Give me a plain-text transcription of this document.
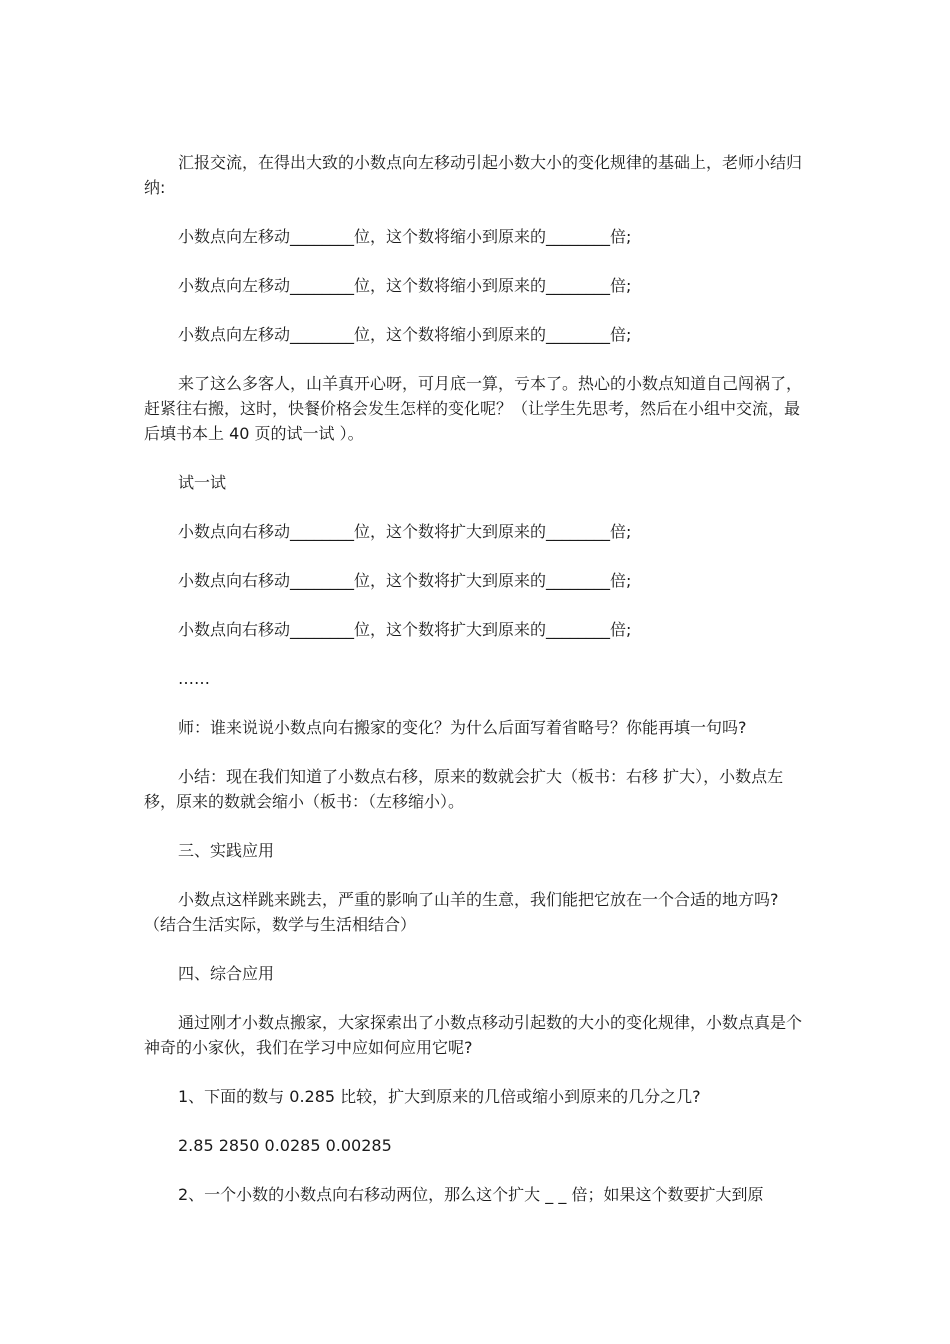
汇报交流，在得出大致的小数点向左移动引起小数大小的变化规律的基础上，老师小结归纳:

小数点向左移动________位，这个数将缩小到原来的________倍;

小数点向左移动________位，这个数将缩小到原来的________倍;

小数点向左移动________位，这个数将缩小到原来的________倍;

来了这么多客人，山羊真开心呀，可月底一算，亏本了。热心的小数点知道自己闯祸了，赶紧往右搬，这时，快餐价格会发生怎样的变化呢？（让学生先思考，然后在小组中交流，最后填书本上 40 页的试一试 ）。

试一试

小数点向右移动________位，这个数将扩大到原来的________倍;

小数点向右移动________位，这个数将扩大到原来的________倍;

小数点向右移动________位，这个数将扩大到原来的________倍;

……

师：谁来说说小数点向右搬家的变化？为什么后面写着省略号？你能再填一句吗?

小结：现在我们知道了小数点右移，原来的数就会扩大（板书：右移 扩大），小数点左移，原来的数就会缩小（板书：（左移缩小）。

三、实践应用

小数点这样跳来跳去，严重的影响了山羊的生意，我们能把它放在一个合适的地方吗?（结合生活实际，数学与生活相结合）

四、综合应用

通过刚才小数点搬家，大家探索出了小数点移动引起数的大小的变化规律，小数点真是个神奇的小家伙，我们在学习中应如何应用它呢?

1、下面的数与 0.285 比较，扩大到原来的几倍或缩小到原来的几分之几?

2.85 2850 0.0285 0.00285

2、一个小数的小数点向右移动两位，那么这个扩大 _ _ 倍；如果这个数要扩大到原
